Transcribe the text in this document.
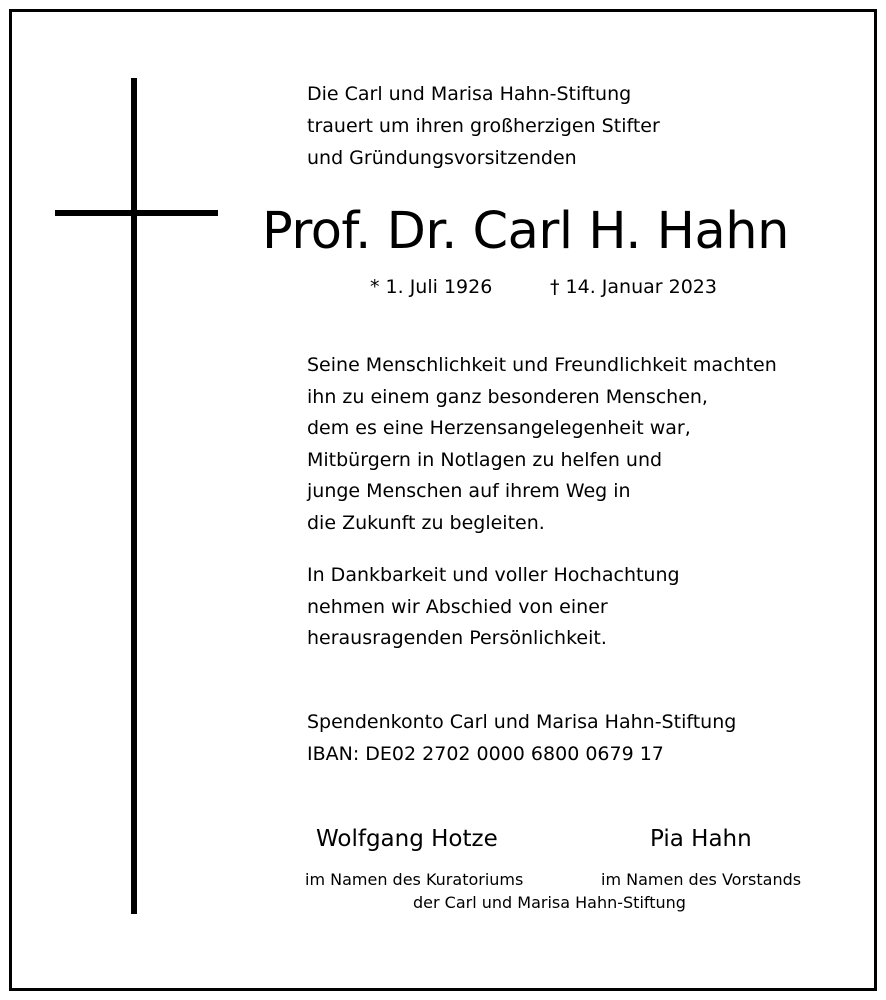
Die Carl und Marisa Hahn-Stiftung
trauert um ihren großherzigen Stifter
und Gründungsvorsitzenden
Prof. Dr. Carl H. Hahn
* 1. Juli 1926	† 14. Januar 2023
Seine Menschlichkeit und Freundlichkeit machten
ihn zu einem ganz besonderen Menschen,
dem es eine Herzensangelegenheit war,
Mitbürgern in Notlagen zu helfen und
junge Menschen auf ihrem Weg in
die Zukunft zu begleiten.
In Dankbarkeit und voller Hochachtung
nehmen wir Abschied von einer
herausragenden Persönlichkeit.
Spendenkonto Carl und Marisa Hahn-Stiftung
IBAN: DE02 2702 0000 6800 0679 17
Wolfgang Hotze	Pia Hahn
im Namen des Kuratoriums	im Namen des Vorstands
der Carl und Marisa Hahn-Stiftung
